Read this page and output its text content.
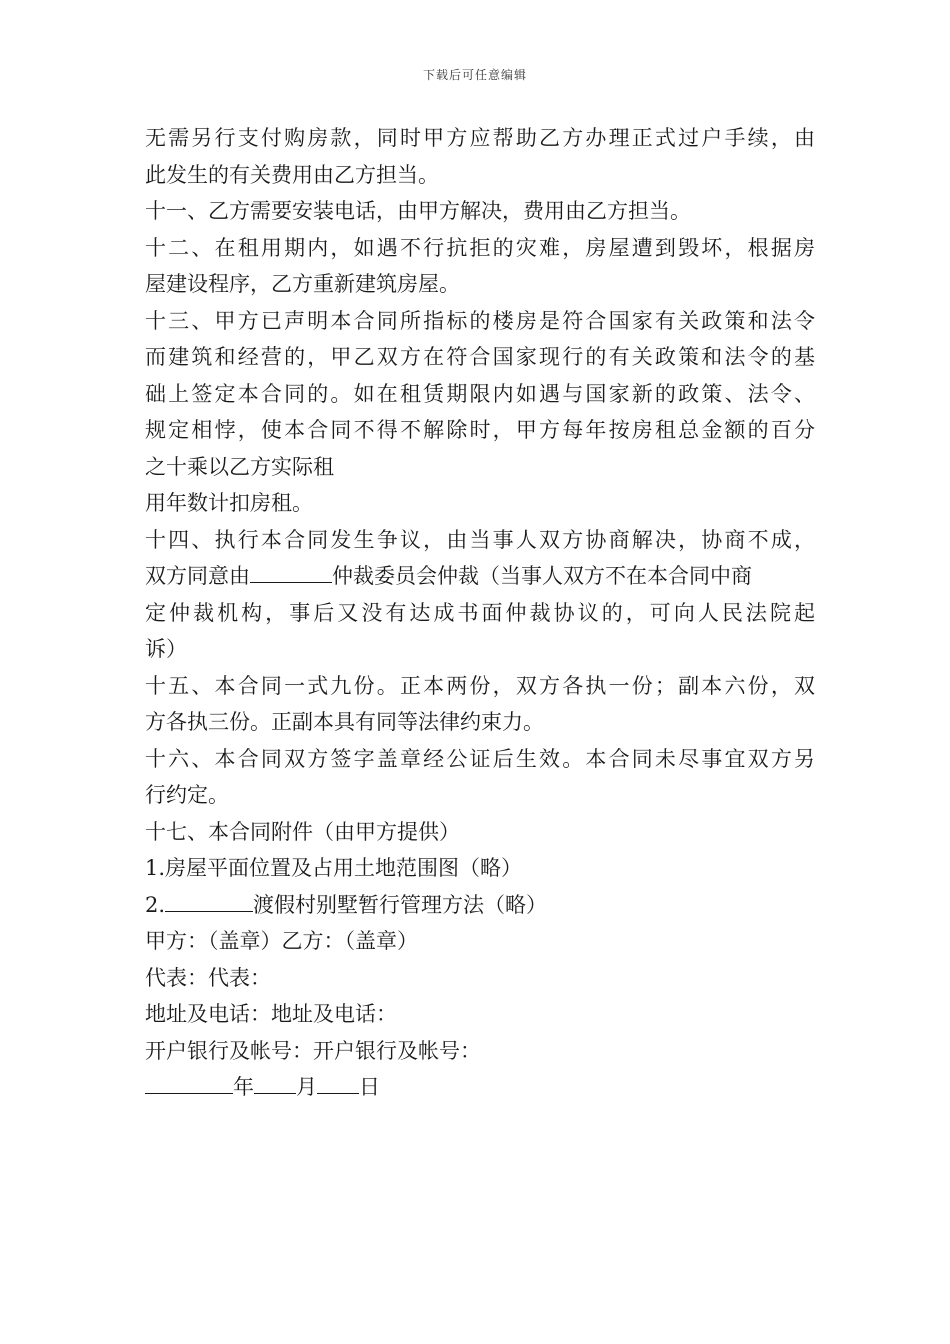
下载后可任意编辑
无需另行支付购房款，同时甲方应帮助乙方办理正式过户手续，由
此发生的有关费用由乙方担当。
十一、乙方需要安装电话，由甲方解决，费用由乙方担当。
十二、在租用期内，如遇不行抗拒的灾难，房屋遭到毁坏，根据房
屋建设程序，乙方重新建筑房屋。
十三、甲方已声明本合同所指标的楼房是符合国家有关政策和法令
而建筑和经营的，甲乙双方在符合国家现行的有关政策和法令的基
础上签定本合同的。如在租赁期限内如遇与国家新的政策、法令、
规定相悖，使本合同不得不解除时，甲方每年按房租总金额的百分
之十乘以乙方实际租
用年数计扣房租。
十四、执行本合同发生争议，由当事人双方协商解决，协商不成，
双方同意由	仲裁委员会仲裁（当事人双方不在本合同中商
定仲裁机构，事后又没有达成书面仲裁协议的，可向人民法院起
诉）
十五、本合同一式九份。正本两份，双方各执一份；副本六份，双
方各执三份。正副本具有同等法律约束力。
十六、本合同双方签字盖章经公证后生效。本合同未尽事宜双方另
行约定。
十七、本合同附件（由甲方提供）
1.房屋平面位置及占用土地范围图（略）
2.	渡假村别墅暂行管理方法（略）
甲方：（盖章）乙方：（盖章）
代表：代表：
地址及电话：地址及电话：
开户银行及帐号：开户银行及帐号：
年 月 日
